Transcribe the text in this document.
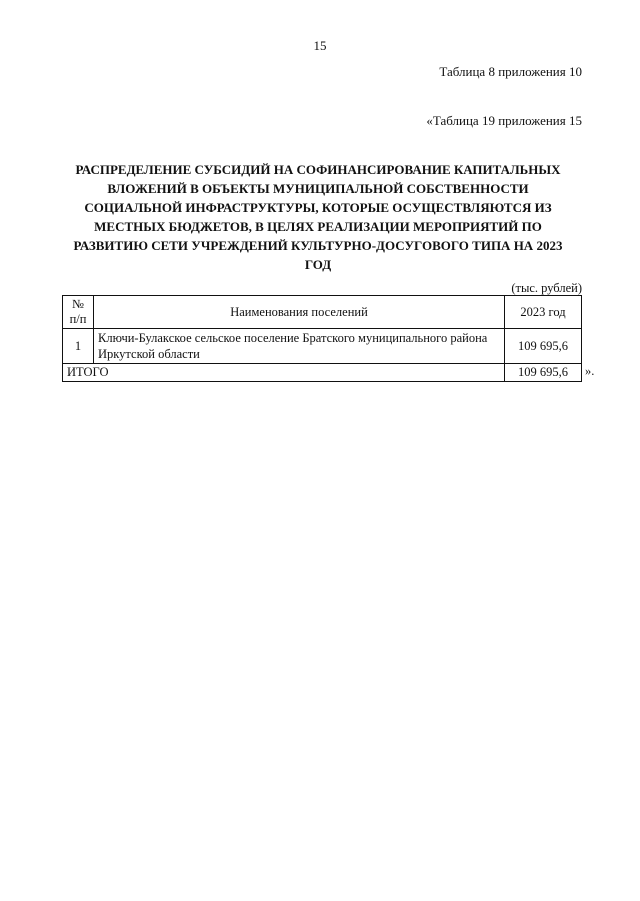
15
Таблица 8 приложения 10
«Таблица 19 приложения 15
РАСПРЕДЕЛЕНИЕ СУБСИДИЙ НА СОФИНАНСИРОВАНИЕ КАПИТАЛЬНЫХ ВЛОЖЕНИЙ В ОБЪЕКТЫ МУНИЦИПАЛЬНОЙ СОБСТВЕННОСТИ СОЦИАЛЬНОЙ ИНФРАСТРУКТУРЫ, КОТОРЫЕ ОСУЩЕСТВЛЯЮТСЯ ИЗ МЕСТНЫХ БЮДЖЕТОВ, В ЦЕЛЯХ РЕАЛИЗАЦИИ МЕРОПРИЯТИЙ ПО РАЗВИТИЮ СЕТИ УЧРЕЖДЕНИЙ КУЛЬТУРНО-ДОСУГОВОГО ТИПА НА 2023 ГОД
(тыс. рублей)
№
п/п	Наименования поселений	2023 год
1	Ключи-Булакское сельское поселение Братского муниципального района Иркутской области	109 695,6
ИТОГО		109 695,6 ».
